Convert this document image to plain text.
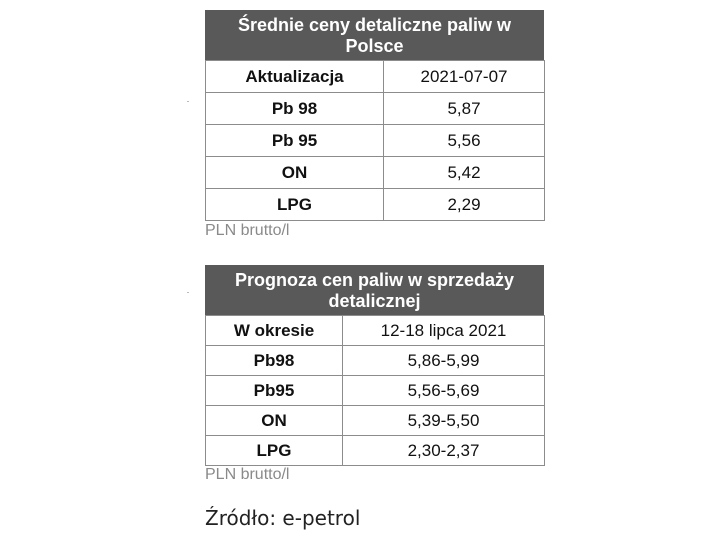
Średnie ceny detaliczne paliw w Polsce
Aktualizacja	2021-07-07
Pb 98	5,87
Pb 95	5,56
ON	5,42
LPG	2,29
PLN brutto/l
Prognoza cen paliw w sprzedaży detalicznej
W okresie	12-18 lipca 2021
Pb98	5,86-5,99
Pb95	5,56-5,69
ON	5,39-5,50
LPG	2,30-2,37
PLN brutto/l
Źródło: e-petrol
